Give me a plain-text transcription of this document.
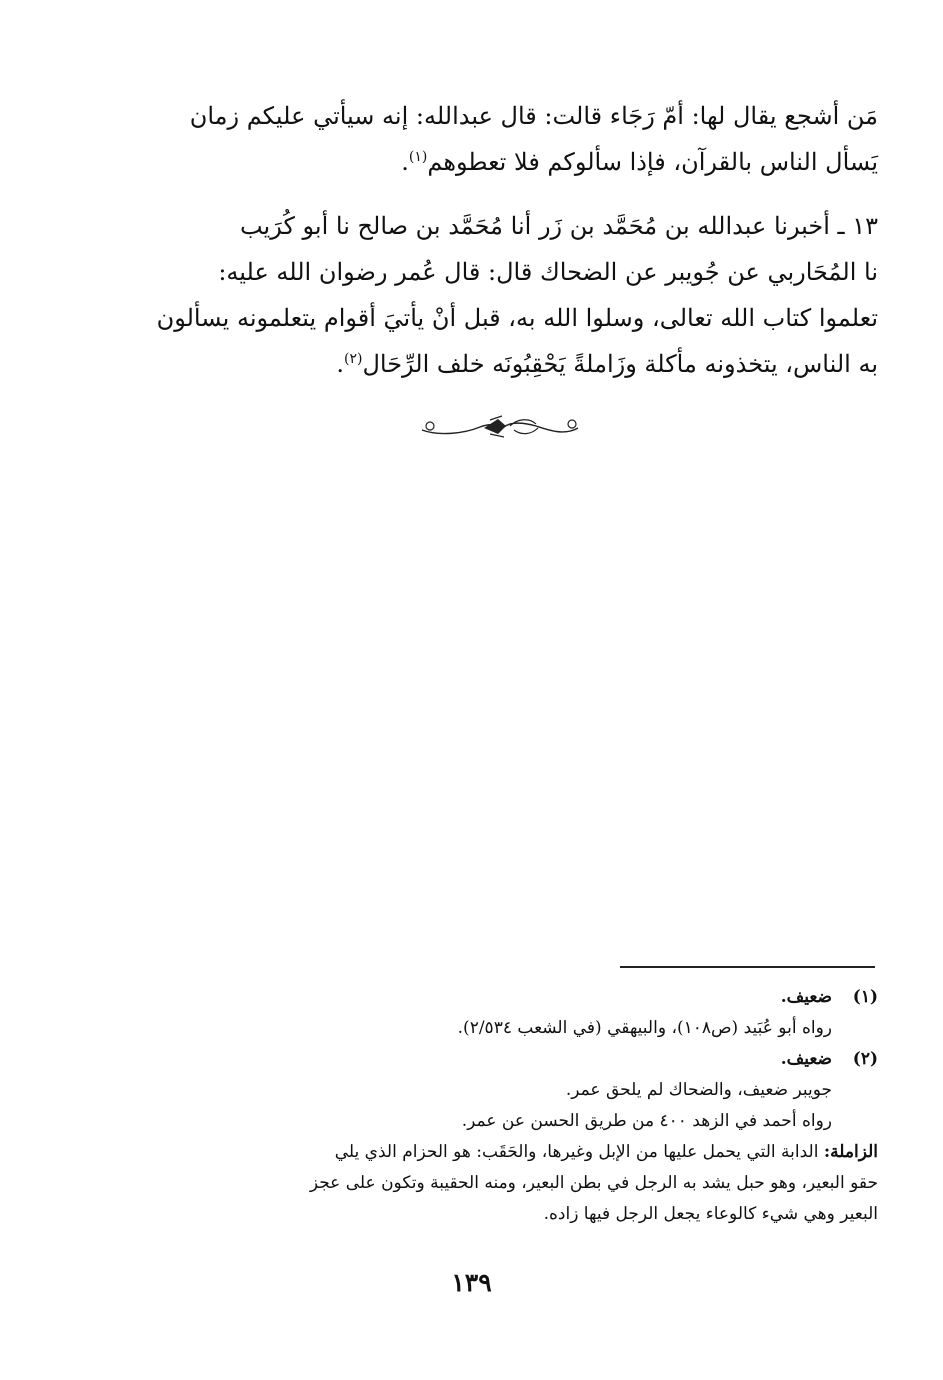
مَن أشجع يقال لها: أمّ رَجَاء قالت: قال عبدالله: إنه سيأتي عليكم زمان
يَسأل الناس بالقرآن، فإذا سألوكم فلا تعطوهم$^{(١)}$.
١٣ ـ أخبرنا عبدالله بن مُحَمَّد بن زَر أنا مُحَمَّد بن صالح نا أبو كُرَيب
نا المُحَاربي عن جُويبر عن الضحاك قال: قال عُمر رضوان الله عليه:
تعلموا كتاب الله تعالى، وسلوا الله به، قبل أنْ يأتيَ أقوام يتعلمونه يسألون
به الناس، يتخذونه مأكلة وزَاملةً يَحْقِبُونَه خلف الرِّحَال$^{(٢)}$.
(١)
ضعيف.
رواه أبو عُبَيد (ص١٠٨)، والبيهقي (في الشعب ٢/٥٣٤).
(٢)
ضعيف.
جويبر ضعيف، والضحاك لم يلحق عمر.
رواه أحمد في الزهد ٤٠٠ من طريق الحسن عن عمر.
الزاملة: الدابة التي يحمل عليها من الإبل وغيرها، والحَقَب: هو الحزام الذي يلي
حقو البعير، وهو حبل يشد به الرجل في بطن البعير، ومنه الحقيبة وتكون على عجز
البعير وهي شيء كالوعاء يجعل الرجل فيها زاده.
١٣٩
